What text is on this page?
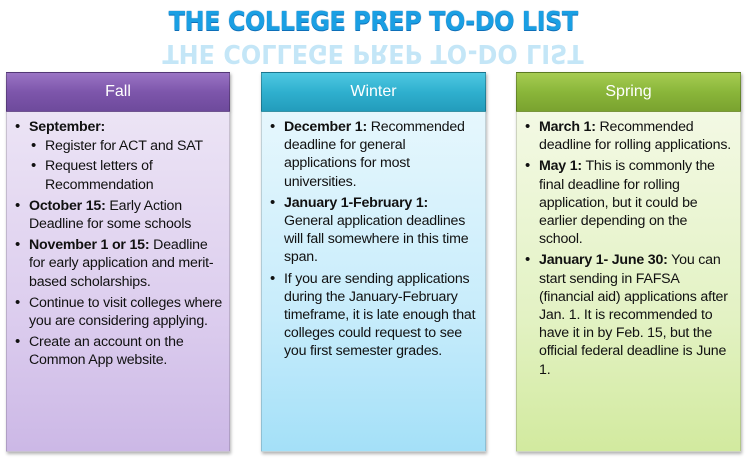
THE COLLEGE PREP TO-DO LIST
THE COLLEGE PREP TO-DO LIST
Fall
• September:
• Register for ACT and SAT
• Request letters of Recommendation
• October 15: Early Action Deadline for some schools
• November 1 or 15: Deadline for early application and merit-based scholarships.
• Continue to visit colleges where you are considering applying.
• Create an account on the Common App website.
Winter
• December 1: Recommended deadline for general applications for most universities.
• January 1-February 1: General application deadlines will fall somewhere in this time span.
• If you are sending applications during the January-February timeframe, it is late enough that colleges could request to see you first semester grades.
Spring
• March 1: Recommended deadline for rolling applications.
• May 1: This is commonly the final deadline for rolling application, but it could be earlier depending on the school.
• January 1- June 30: You can start sending in FAFSA (financial aid) applications after Jan. 1. It is recommended to have it in by Feb. 15, but the official federal deadline is June 1.
